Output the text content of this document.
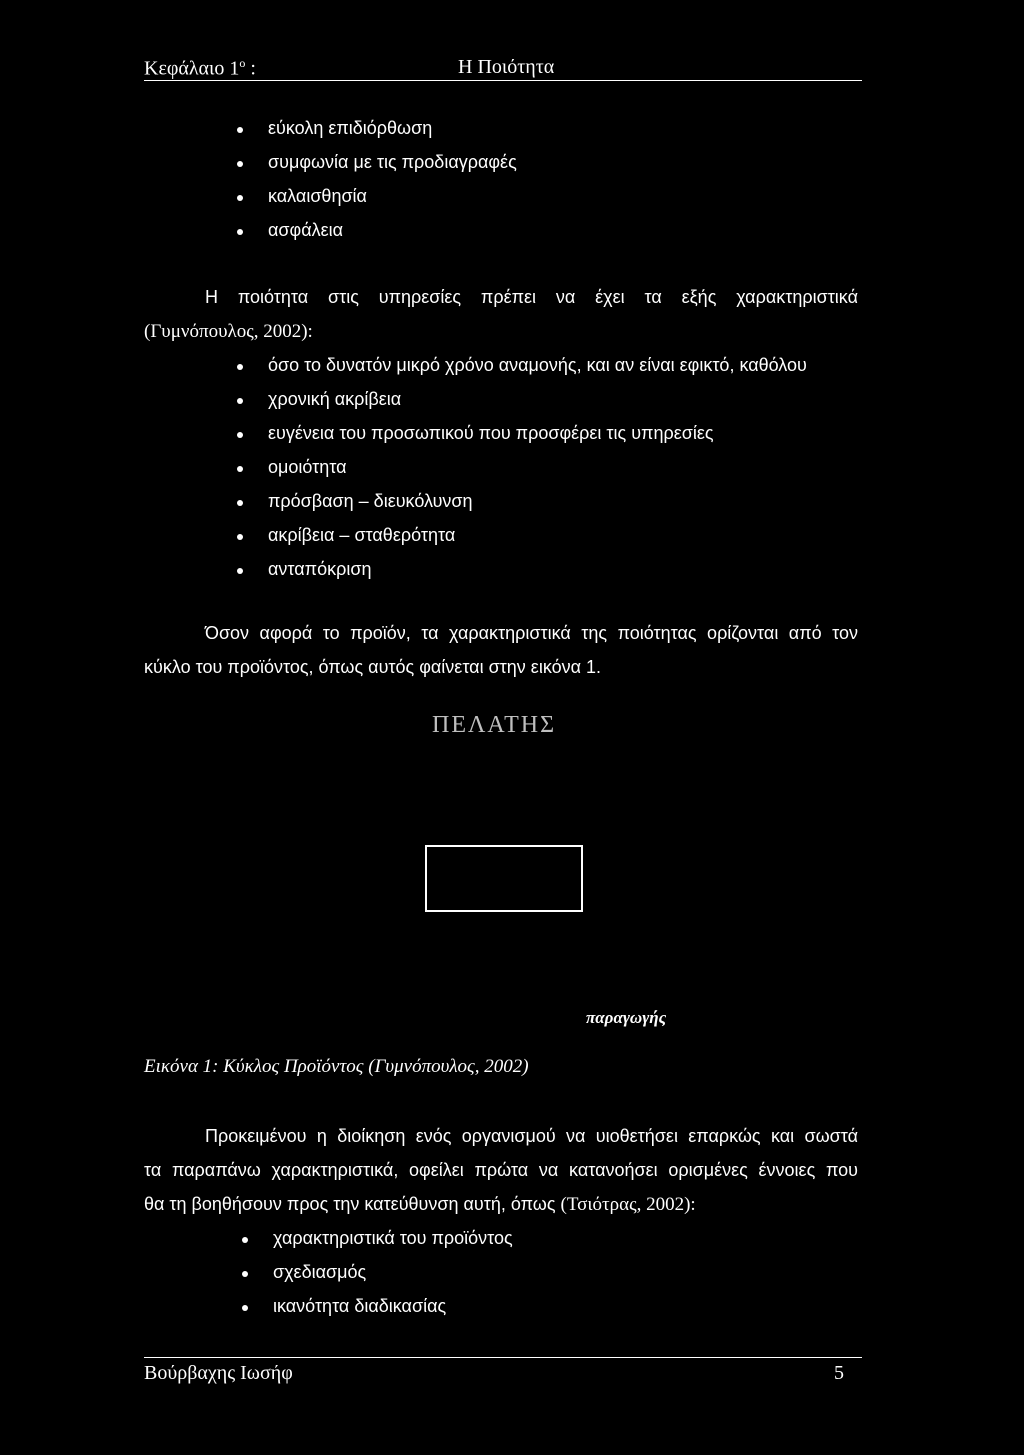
Κεφάλαιο $1^o$ :	Η Ποιότητα
εύκολη επιδιόρθωση
συμφωνία με τις προδιαγραφές
καλαισθησία
ασφάλεια
Η ποιότητα στις υπηρεσίες πρέπει να έχει τα εξής χαρακτηριστικά
(Γυμνόπουλος, 2002):
όσο το δυνατόν μικρό χρόνο αναμονής, και αν είναι εφικτό, καθόλου
χρονική ακρίβεια
ευγένεια του προσωπικού που προσφέρει τις υπηρεσίες
ομοιότητα
πρόσβαση – διευκόλυνση
ακρίβεια – σταθερότητα
ανταπόκριση
Όσον αφορά το προϊόν, τα χαρακτηριστικά της ποιότητας ορίζονται από τον
κύκλο του προϊόντος, όπως αυτός φαίνεται στην εικόνα 1.
ΠΕΛΑΤΗΣ
παραγωγής
Εικόνα 1: Κύκλος Προϊόντος (Γυμνόπουλος, 2002)
Προκειμένου η διοίκηση ενός οργανισμού να υιοθετήσει επαρκώς και σωστά
τα παραπάνω χαρακτηριστικά, οφείλει πρώτα να κατανοήσει ορισμένες έννοιες που
θα τη βοηθήσουν προς την κατεύθυνση αυτή, όπως (Τσιότρας, 2002):
χαρακτηριστικά του προϊόντος
σχεδιασμός
ικανότητα διαδικασίας
Βούρβαχης Ιωσήφ	5
